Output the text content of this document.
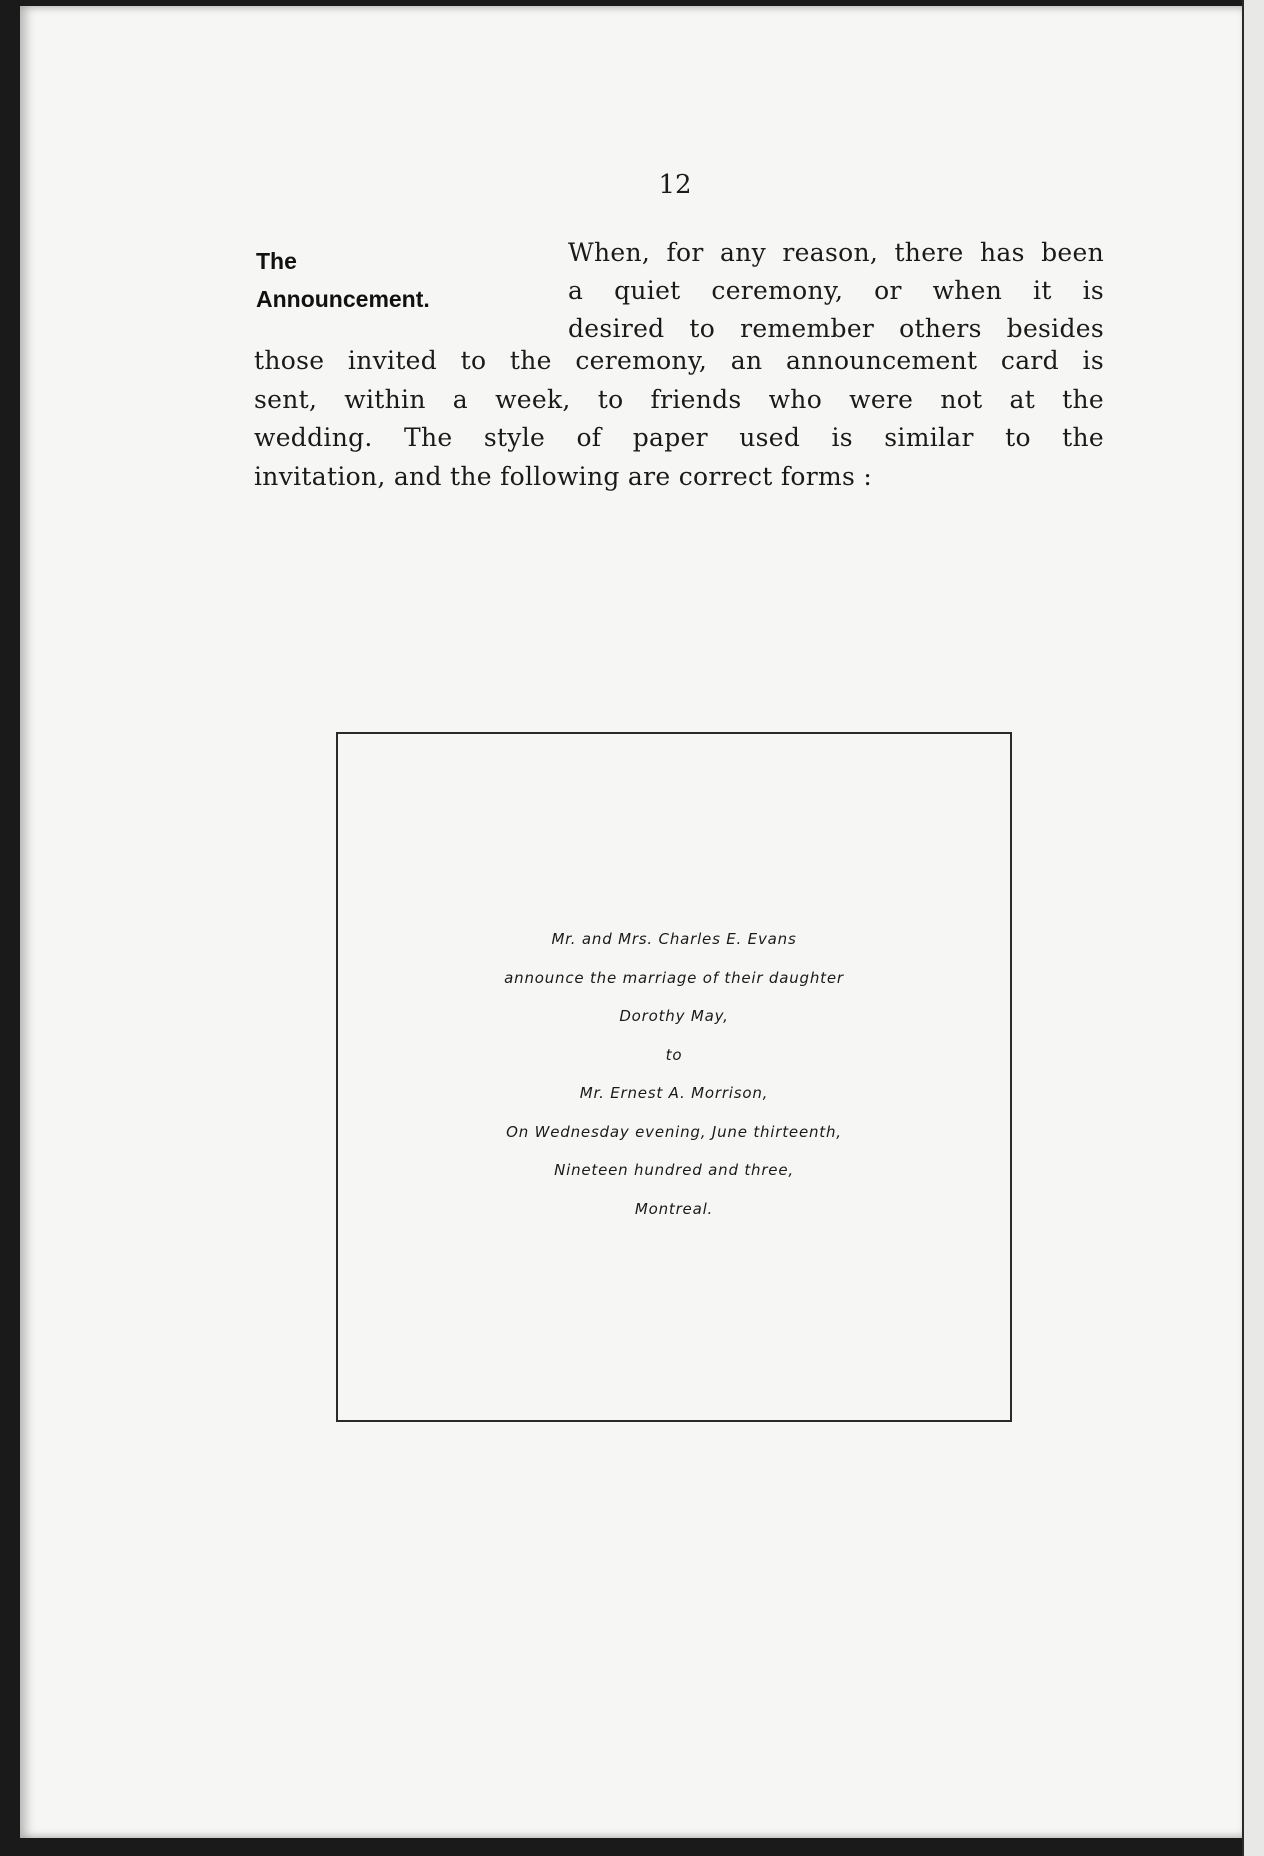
12
The
Announcement.
When, for any reason, there has been
a quiet ceremony, or when it is
desired to remember others besides
those invited to the ceremony, an announcement card is
sent, within a week, to friends who were not at the
wedding. The style of paper used is similar to the
invitation, and the following are correct forms :
Mr. and Mrs. Charles E. Evans
announce the marriage of their daughter
Dorothy May,
to
Mr. Ernest A. Morrison,
On Wednesday evening, June thirteenth,
Nineteen hundred and three,
Montreal.
